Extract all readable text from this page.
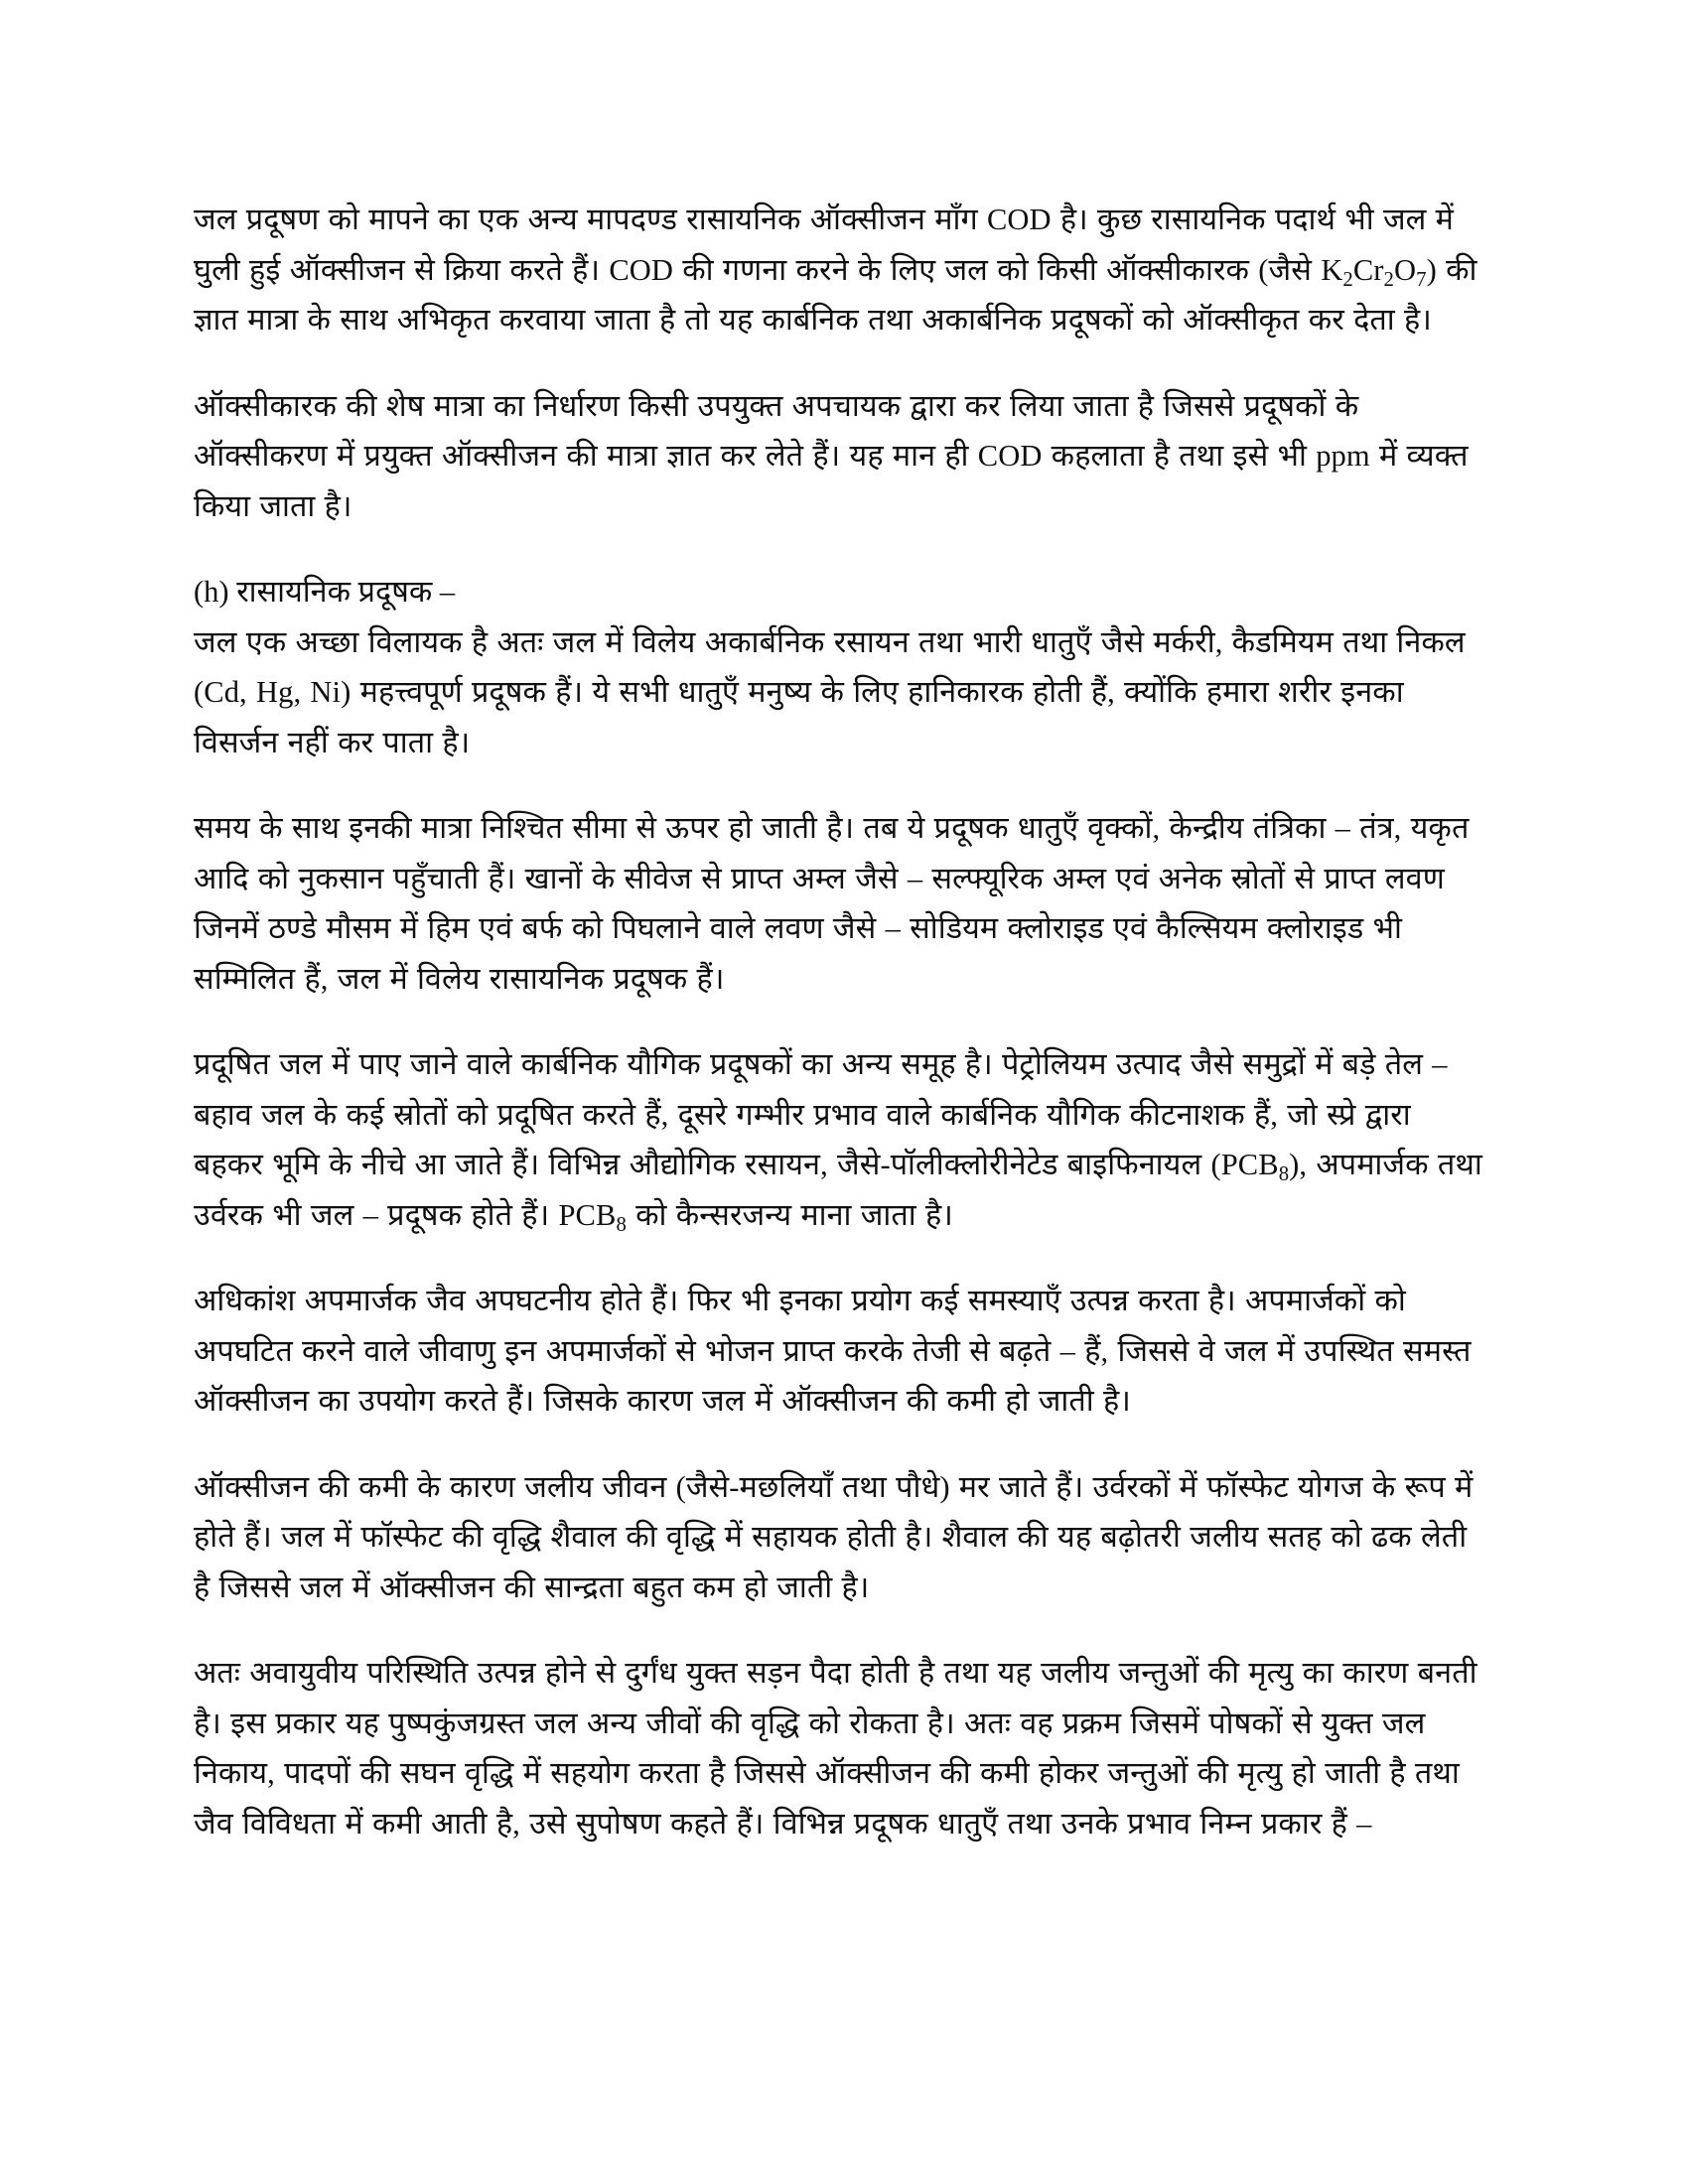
जल प्रदूषण को मापने का एक अन्य मापदण्ड रासायनिक ऑक्सीजन माँग COD है। कुछ रासायनिक पदार्थ भी जल में घुली हुई ऑक्सीजन से क्रिया करते हैं। COD की गणना करने के लिए जल को किसी ऑक्सीकारक (जैसे $K_2Cr_2O_7$) की ज्ञात मात्रा के साथ अभिकृत करवाया जाता है तो यह कार्बनिक तथा अकार्बनिक प्रदूषकों को ऑक्सीकृत कर देता है।

ऑक्सीकारक की शेष मात्रा का निर्धारण किसी उपयुक्त अपचायक द्वारा कर लिया जाता है जिससे प्रदूषकों के ऑक्सीकरण में प्रयुक्त ऑक्सीजन की मात्रा ज्ञात कर लेते हैं। यह मान ही COD कहलाता है तथा इसे भी ppm में व्यक्त किया जाता है।

(h) रासायनिक प्रदूषक –

जल एक अच्छा विलायक है अतः जल में विलेय अकार्बनिक रसायन तथा भारी धातुएँ जैसे मर्करी, कैडमियम तथा निकल (Cd, Hg, Ni) महत्त्वपूर्ण प्रदूषक हैं। ये सभी धातुएँ मनुष्य के लिए हानिकारक होती हैं, क्योंकि हमारा शरीर इनका विसर्जन नहीं कर पाता है।

समय के साथ इनकी मात्रा निश्चित सीमा से ऊपर हो जाती है। तब ये प्रदूषक धातुएँ वृक्कों, केन्द्रीय तंत्रिका – तंत्र, यकृत आदि को नुकसान पहुँचाती हैं। खानों के सीवेज से प्राप्त अम्ल जैसे – सल्फ्यूरिक अम्ल एवं अनेक स्रोतों से प्राप्त लवण जिनमें ठण्डे मौसम में हिम एवं बर्फ को पिघलाने वाले लवण जैसे – सोडियम क्लोराइड एवं कैल्सियम क्लोराइड भी सम्मिलित हैं, जल में विलेय रासायनिक प्रदूषक हैं।

प्रदूषित जल में पाए जाने वाले कार्बनिक यौगिक प्रदूषकों का अन्य समूह है। पेट्रोलियम उत्पाद जैसे समुद्रों में बड़े तेल – बहाव जल के कई स्रोतों को प्रदूषित करते हैं, दूसरे गम्भीर प्रभाव वाले कार्बनिक यौगिक कीटनाशक हैं, जो स्प्रे द्वारा बहकर भूमि के नीचे आ जाते हैं। विभिन्न औद्योगिक रसायन, जैसे-पॉलीक्लोरीनेटेड बाइफिनायल $(PCB_8)$, अपमार्जक तथा उर्वरक भी जल – प्रदूषक होते हैं। $PCB_8$ को कैन्सरजन्य माना जाता है।

अधिकांश अपमार्जक जैव अपघटनीय होते हैं। फिर भी इनका प्रयोग कई समस्याएँ उत्पन्न करता है। अपमार्जकों को अपघटित करने वाले जीवाणु इन अपमार्जकों से भोजन प्राप्त करके तेजी से बढ़ते – हैं, जिससे वे जल में उपस्थित समस्त ऑक्सीजन का उपयोग करते हैं। जिसके कारण जल में ऑक्सीजन की कमी हो जाती है।

ऑक्सीजन की कमी के कारण जलीय जीवन (जैसे-मछलियाँ तथा पौधे) मर जाते हैं। उर्वरकों में फॉस्फेट योगज के रूप में होते हैं। जल में फॉस्फेट की वृद्धि शैवाल की वृद्धि में सहायक होती है। शैवाल की यह बढ़ोतरी जलीय सतह को ढक लेती है जिससे जल में ऑक्सीजन की सान्द्रता बहुत कम हो जाती है।

अतः अवायुवीय परिस्थिति उत्पन्न होने से दुर्गंध युक्त सड़न पैदा होती है तथा यह जलीय जन्तुओं की मृत्यु का कारण बनती है। इस प्रकार यह पुष्पकुंजग्रस्त जल अन्य जीवों की वृद्धि को रोकता है। अतः वह प्रक्रम जिसमें पोषकों से युक्त जल निकाय, पादपों की सघन वृद्धि में सहयोग करता है जिससे ऑक्सीजन की कमी होकर जन्तुओं की मृत्यु हो जाती है तथा जैव विविधता में कमी आती है, उसे सुपोषण कहते हैं। विभिन्न प्रदूषक धातुएँ तथा उनके प्रभाव निम्न प्रकार हैं –
